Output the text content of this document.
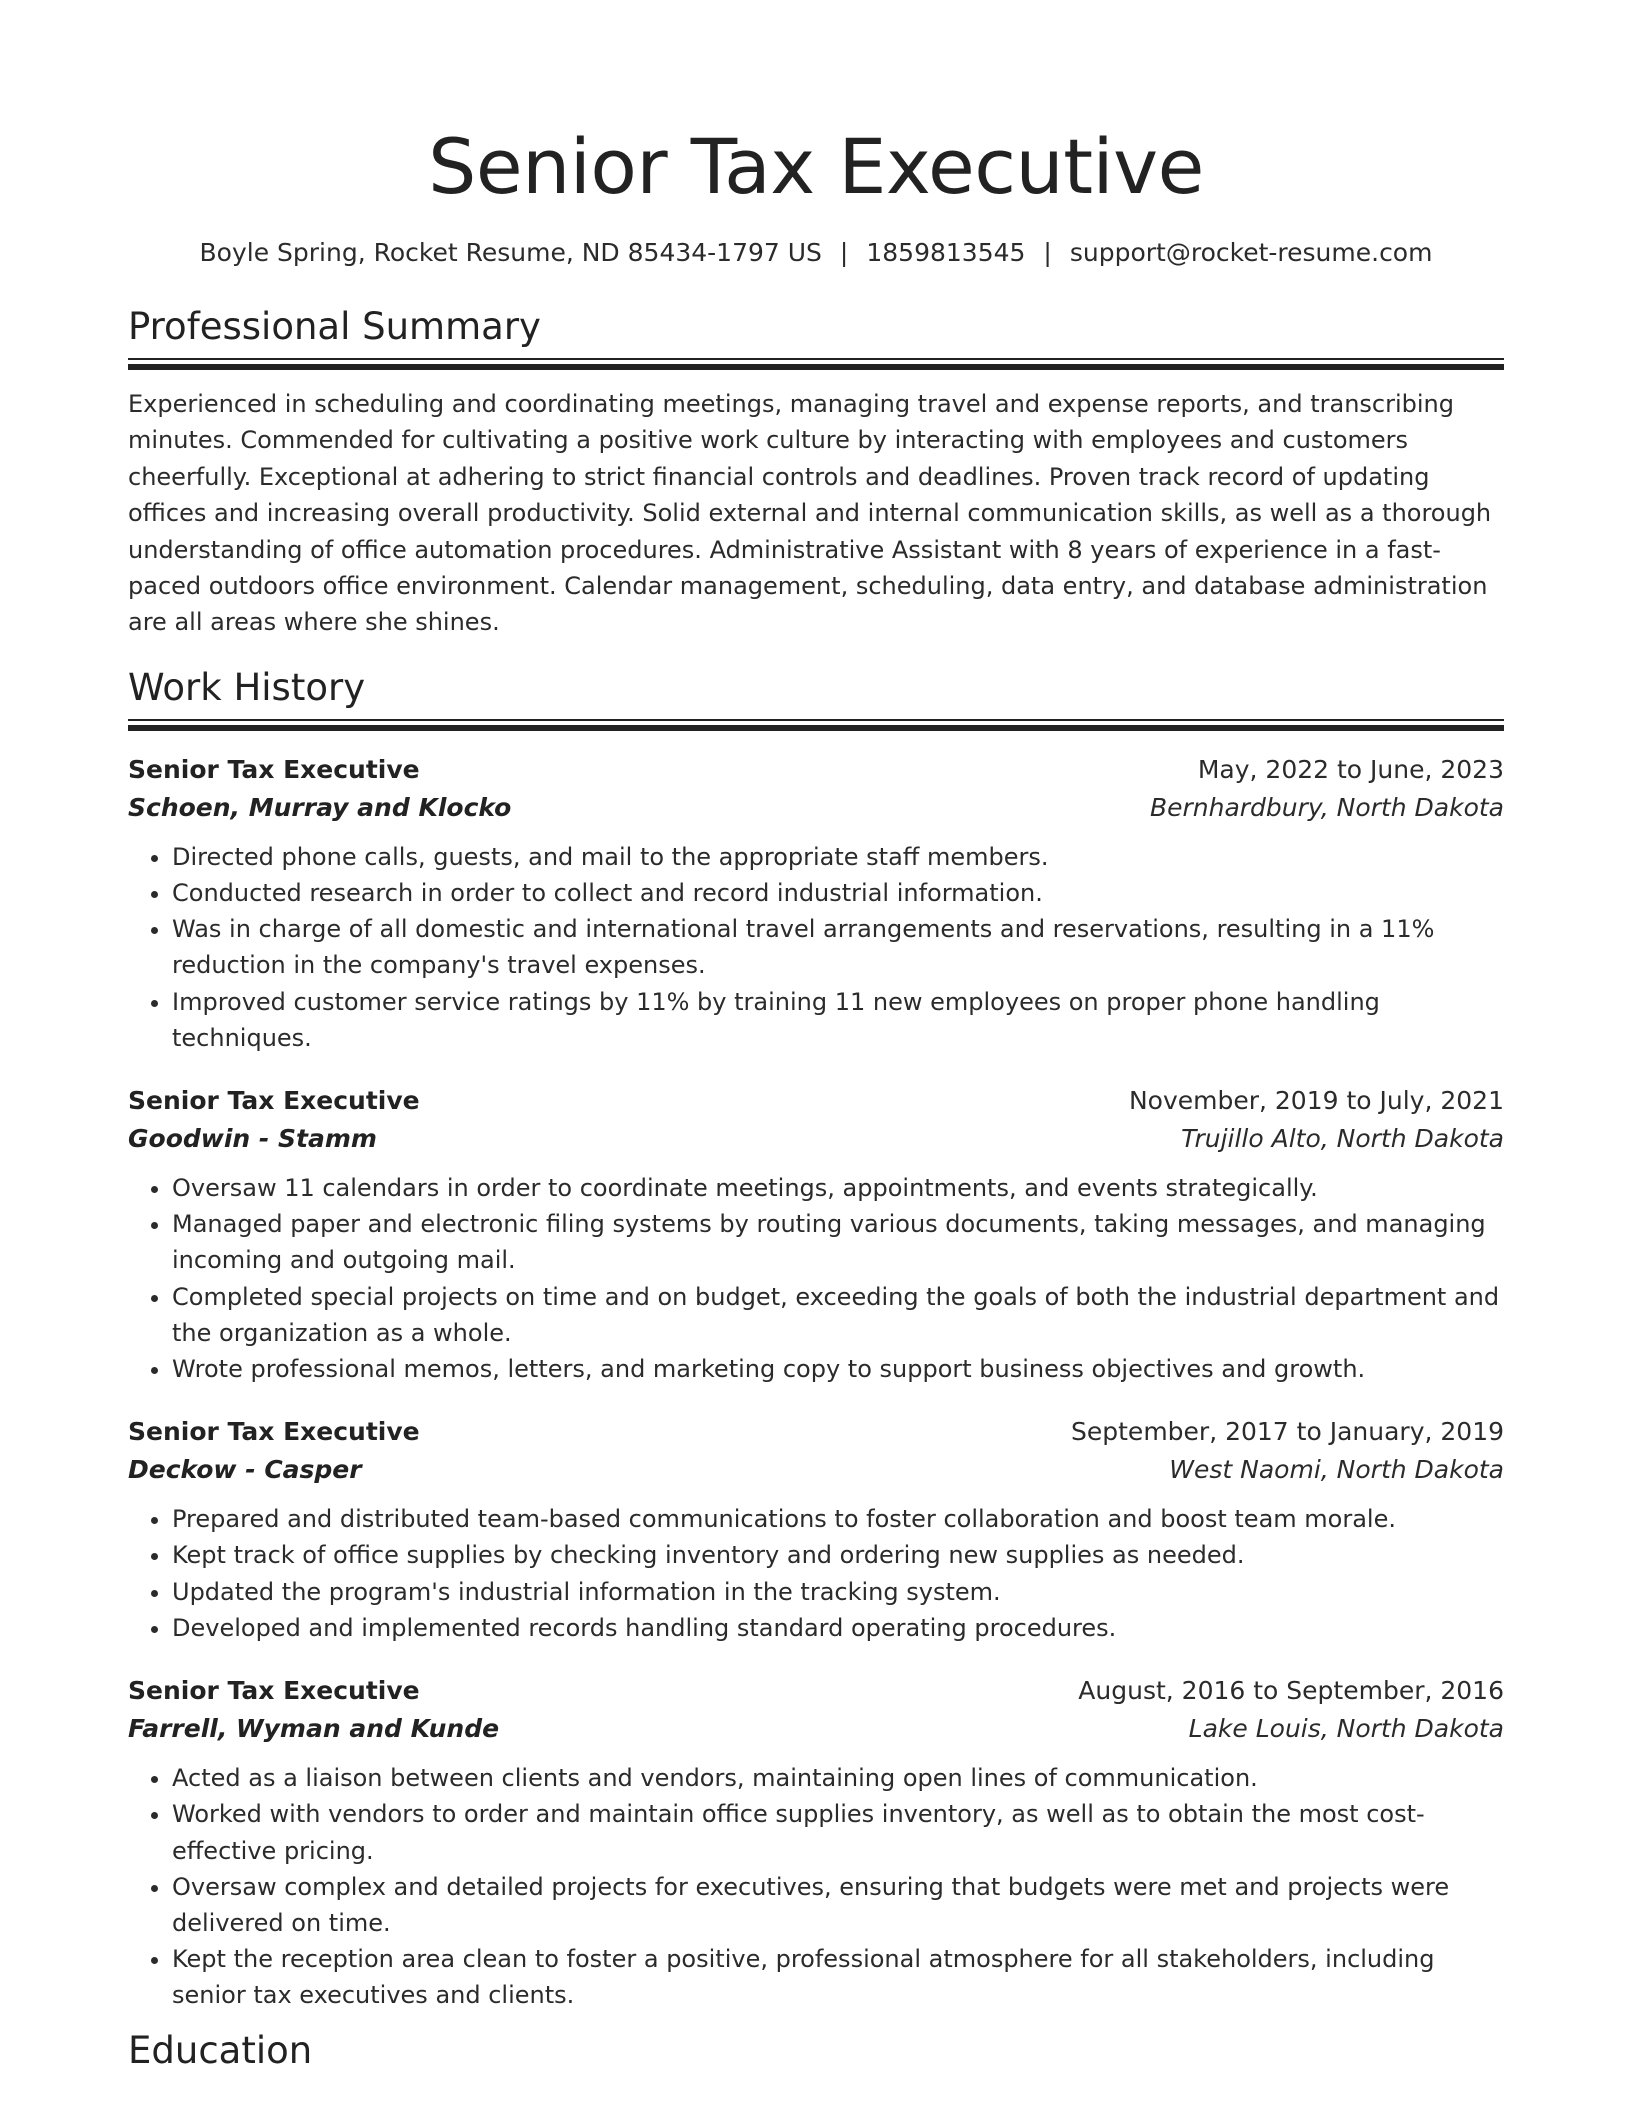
Senior Tax Executive
Boyle Spring, Rocket Resume, ND 85434-1797 US | 1859813545 | support@rocket-resume.com
Professional Summary

Experienced in scheduling and coordinating meetings, managing travel and expense reports, and transcribing minutes. Commended for cultivating a positive work culture by interacting with employees and customers cheerfully. Exceptional at adhering to strict financial controls and deadlines. Proven track record of updating offices and increasing overall productivity. Solid external and internal communication skills, as well as a thorough understanding of office automation procedures. Administrative Assistant with 8 years of experience in a fast-paced outdoors office environment. Calendar management, scheduling, data entry, and database administration are all areas where she shines.

Work History
Senior Tax Executive	May, 2022 to June, 2023
Schoen, Murray and Klocko	Bernhardbury, North Dakota
• Directed phone calls, guests, and mail to the appropriate staff members.
• Conducted research in order to collect and record industrial information.
• Was in charge of all domestic and international travel arrangements and reservations, resulting in a 11% reduction in the company's travel expenses.
• Improved customer service ratings by 11% by training 11 new employees on proper phone handling techniques.
Senior Tax Executive	November, 2019 to July, 2021
Goodwin - Stamm	Trujillo Alto, North Dakota
• Oversaw 11 calendars in order to coordinate meetings, appointments, and events strategically.
• Managed paper and electronic filing systems by routing various documents, taking messages, and managing incoming and outgoing mail.
• Completed special projects on time and on budget, exceeding the goals of both the industrial department and the organization as a whole.
• Wrote professional memos, letters, and marketing copy to support business objectives and growth.
Senior Tax Executive	September, 2017 to January, 2019
Deckow - Casper	West Naomi, North Dakota
• Prepared and distributed team-based communications to foster collaboration and boost team morale.
• Kept track of office supplies by checking inventory and ordering new supplies as needed.
• Updated the program's industrial information in the tracking system.
• Developed and implemented records handling standard operating procedures.
Senior Tax Executive	August, 2016 to September, 2016
Farrell, Wyman and Kunde	Lake Louis, North Dakota
• Acted as a liaison between clients and vendors, maintaining open lines of communication.
• Worked with vendors to order and maintain office supplies inventory, as well as to obtain the most cost-effective pricing.
• Oversaw complex and detailed projects for executives, ensuring that budgets were met and projects were delivered on time.
• Kept the reception area clean to foster a positive, professional atmosphere for all stakeholders, including senior tax executives and clients.
Education
